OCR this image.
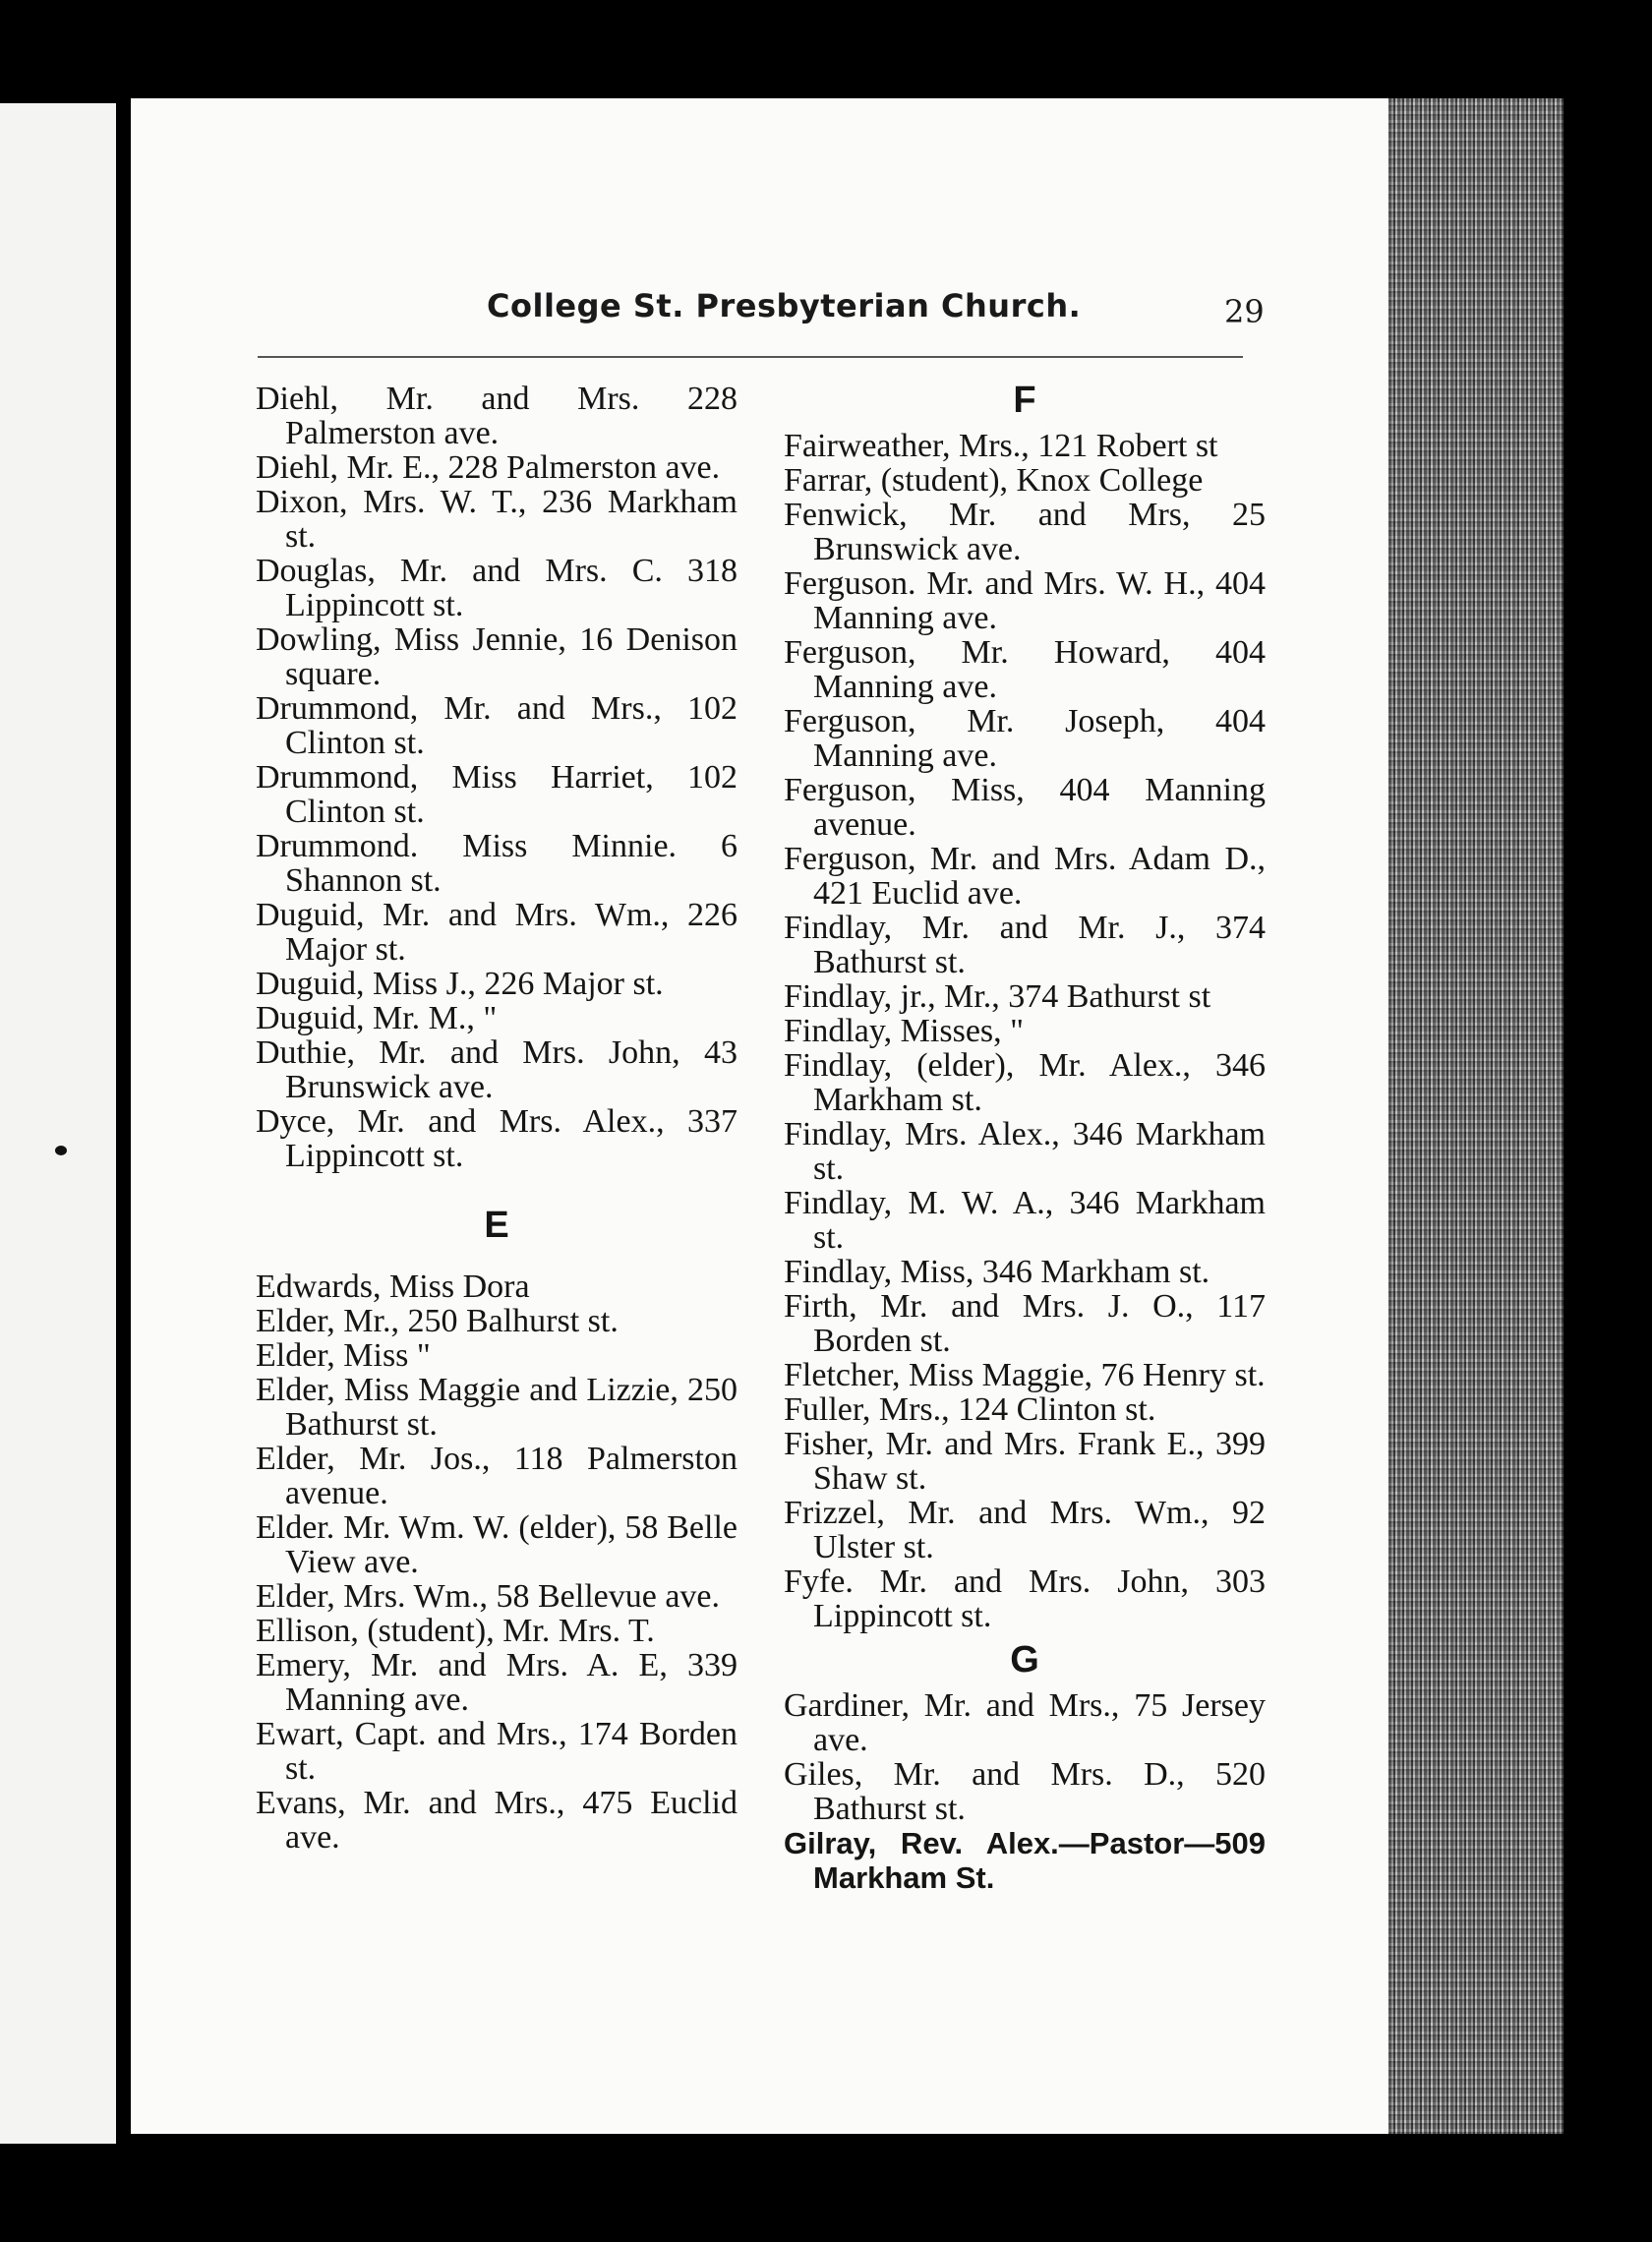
College St. Presbyterian Church.	29
Diehl, Mr. and Mrs. 228 Palmerston ave.
Diehl, Mr. E., 228 Palmerston ave.
Dixon, Mrs. W. T., 236 Markham st.
Douglas, Mr. and Mrs. C. 318 Lippincott st.
Dowling, Miss Jennie, 16 Denison square.
Drummond, Mr. and Mrs., 102 Clinton st.
Drummond, Miss Harriet, 102 Clinton st.
Drummond. Miss Minnie. 6 Shannon st.
Duguid, Mr. and Mrs. Wm., 226 Major st.
Duguid, Miss J., 226 Major st.
Duguid, Mr. M., "
Duthie, Mr. and Mrs. John, 43 Brunswick ave.
Dyce, Mr. and Mrs. Alex., 337 Lippincott st.
E
Edwards, Miss Dora
Elder, Mr., 250 Balhurst st.
Elder, Miss "
Elder, Miss Maggie and Lizzie, 250 Bathurst st.
Elder, Mr. Jos., 118 Palmerston avenue.
Elder. Mr. Wm. W. (elder), 58 Belle View ave.
Elder, Mrs. Wm., 58 Bellevue ave.
Ellison, (student), Mr. Mrs. T.
Emery, Mr. and Mrs. A. E, 339 Manning ave.
Ewart, Capt. and Mrs., 174 Borden st.
Evans, Mr. and Mrs., 475 Euclid ave.
F
Fairweather, Mrs., 121 Robert st
Farrar, (student), Knox College
Fenwick, Mr. and Mrs, 25 Brunswick ave.
Ferguson. Mr. and Mrs. W. H., 404 Manning ave.
Ferguson, Mr. Howard, 404 Manning ave.
Ferguson, Mr. Joseph, 404 Manning ave.
Ferguson, Miss, 404 Manning avenue.
Ferguson, Mr. and Mrs. Adam D., 421 Euclid ave.
Findlay, Mr. and Mr. J., 374 Bathurst st.
Findlay, jr., Mr., 374 Bathurst st
Findlay, Misses, "
Findlay, (elder), Mr. Alex., 346 Markham st.
Findlay, Mrs. Alex., 346 Markham st.
Findlay, M. W. A., 346 Markham st.
Findlay, Miss, 346 Markham st.
Firth, Mr. and Mrs. J. O., 117 Borden st.
Fletcher, Miss Maggie, 76 Henry st.
Fuller, Mrs., 124 Clinton st.
Fisher, Mr. and Mrs. Frank E., 399 Shaw st.
Frizzel, Mr. and Mrs. Wm., 92 Ulster st.
Fyfe. Mr. and Mrs. John, 303 Lippincott st.
G
Gardiner, Mr. and Mrs., 75 Jersey ave.
Giles, Mr. and Mrs. D., 520 Bathurst st.
Gilray, Rev. Alex.—Pastor—509 Markham St.
